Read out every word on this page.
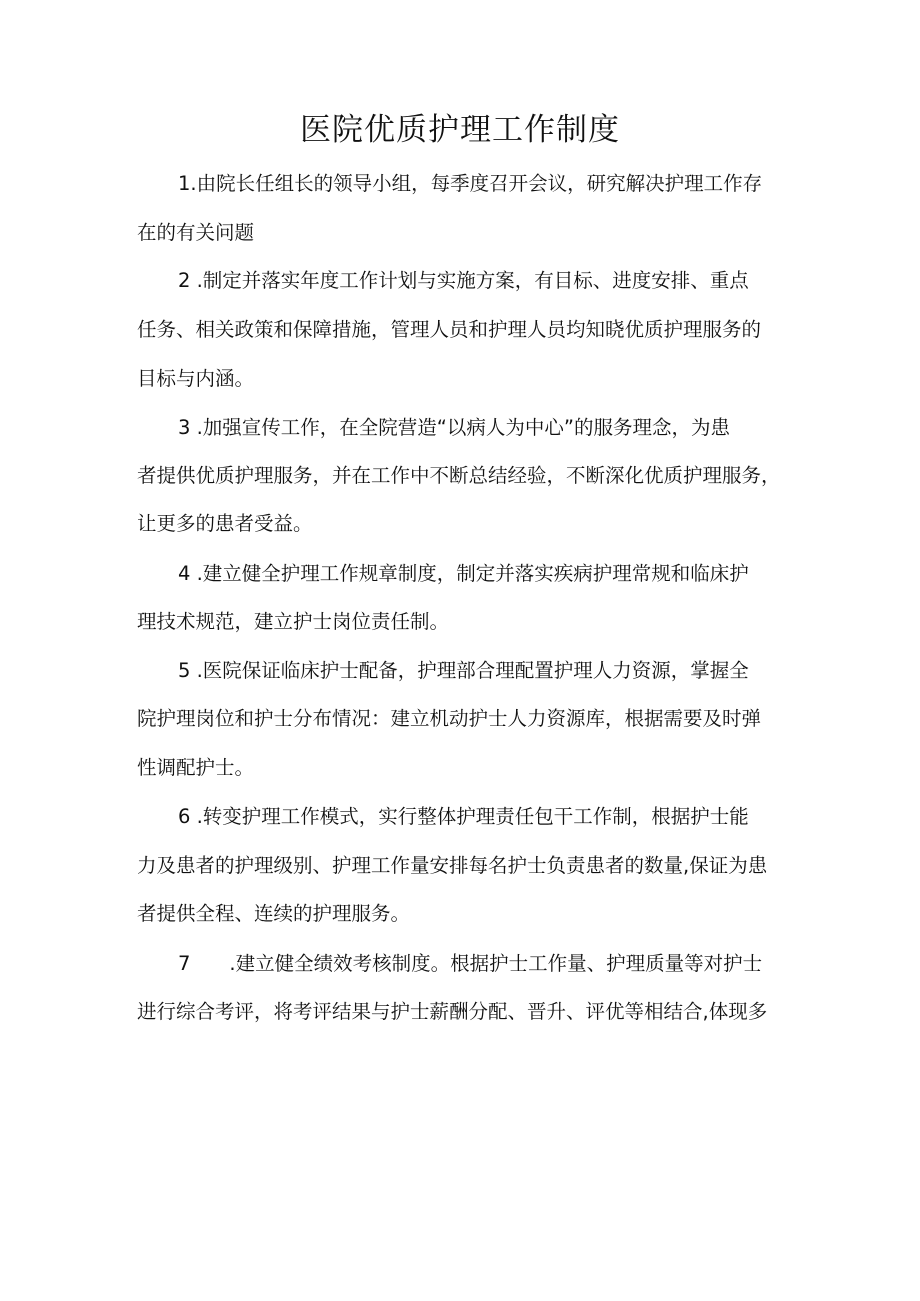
医院优质护理工作制度
1.由院长任组长的领导小组，每季度召开会议，研究解决护理工作存
在的有关问题
2 .制定并落实年度工作计划与实施方案，有目标、进度安排、重点
任务、相关政策和保障措施，管理人员和护理人员均知晓优质护理服务的
目标与内涵。
3 .加强宣传工作，在全院营造“以病人为中心”的服务理念，为患
者提供优质护理服务，并在工作中不断总结经验，不断深化优质护理服务，
让更多的患者受益。
4 .建立健全护理工作规章制度，制定并落实疾病护理常规和临床护
理技术规范，建立护士岗位责任制。
5 .医院保证临床护士配备，护理部合理配置护理人力资源，掌握全
院护理岗位和护士分布情况：建立机动护士人力资源库，根据需要及时弹
性调配护士。
6 .转变护理工作模式，实行整体护理责任包干工作制，根据护士能
力及患者的护理级别、护理工作量安排每名护士负责患者的数量,保证为患
者提供全程、连续的护理服务。
7　　.建立健全绩效考核制度。根据护士工作量、护理质量等对护士
进行综合考评，将考评结果与护士薪酬分配、晋升、评优等相结合,体现多
